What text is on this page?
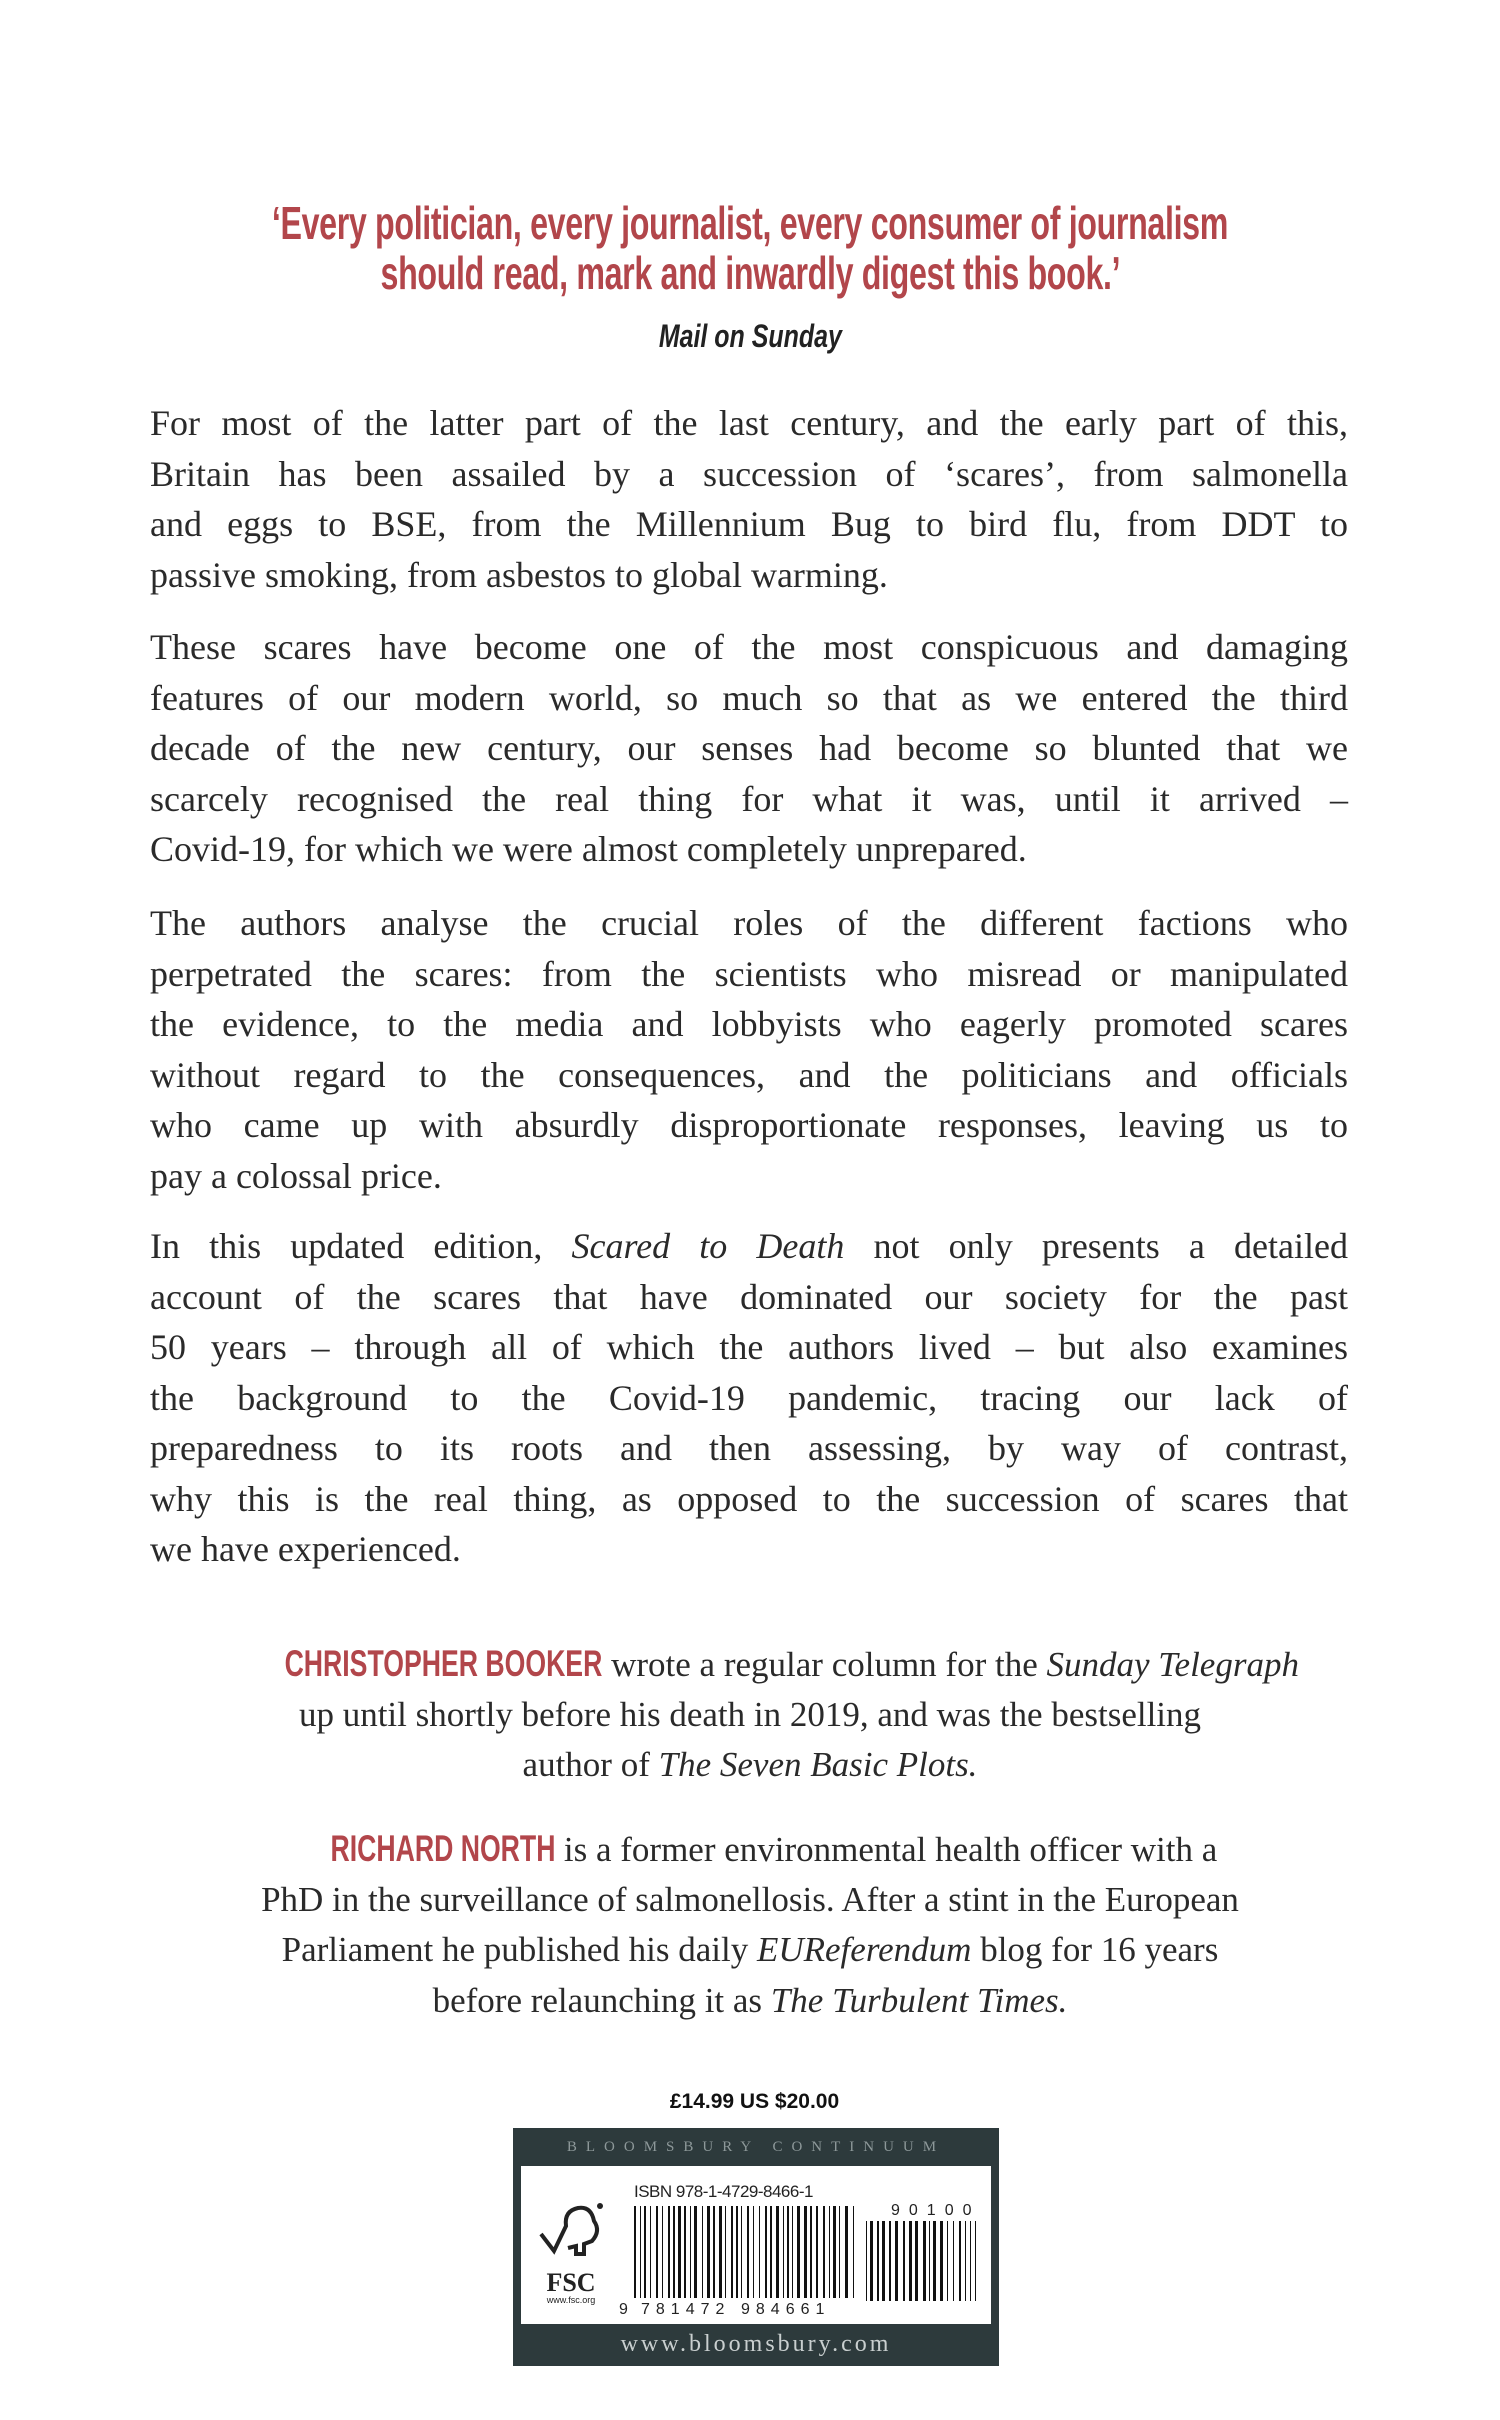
‘Every politician, every journalist, every consumer of journalism
should read, mark and inwardly digest this book.’
Mail on Sunday
For most of the latter part of the last century, and the early part of this,
Britain has been assailed by a succession of ‘scares’, from salmonella
and eggs to BSE, from the Millennium Bug to bird flu, from DDT to
passive smoking, from asbestos to global warming.
These scares have become one of the most conspicuous and damaging
features of our modern world, so much so that as we entered the third
decade of the new century, our senses had become so blunted that we
scarcely recognised the real thing for what it was, until it arrived –
Covid-19, for which we were almost completely unprepared.
The authors analyse the crucial roles of the different factions who
perpetrated the scares: from the scientists who misread or manipulated
the evidence, to the media and lobbyists who eagerly promoted scares
without regard to the consequences, and the politicians and officials
who came up with absurdly disproportionate responses, leaving us to
pay a colossal price.
In this updated edition, Scared to Death not only presents a detailed
account of the scares that have dominated our society for the past
50 years – through all of which the authors lived – but also examines
the background to the Covid-19 pandemic, tracing our lack of
preparedness to its roots and then assessing, by way of contrast,
why this is the real thing, as opposed to the succession of scares that
we have experienced.
CHRISTOPHER BOOKER wrote a regular column for the Sunday Telegraph
up until shortly before his death in 2019, and was the bestselling
author of The Seven Basic Plots.
RICHARD NORTH is a former environmental health officer with a
PhD in the surveillance of salmonellosis. After a stint in the European
Parliament he published his daily EUReferendum blog for 16 years
before relaunching it as The Turbulent Times.
£14.99 US $20.00
BLOOMSBURY CONTINUUM
FSC
www.fsc.org
ISBN 978-1-4729-8466-1
9 781472 984661
90100
www.bloomsbury.com
